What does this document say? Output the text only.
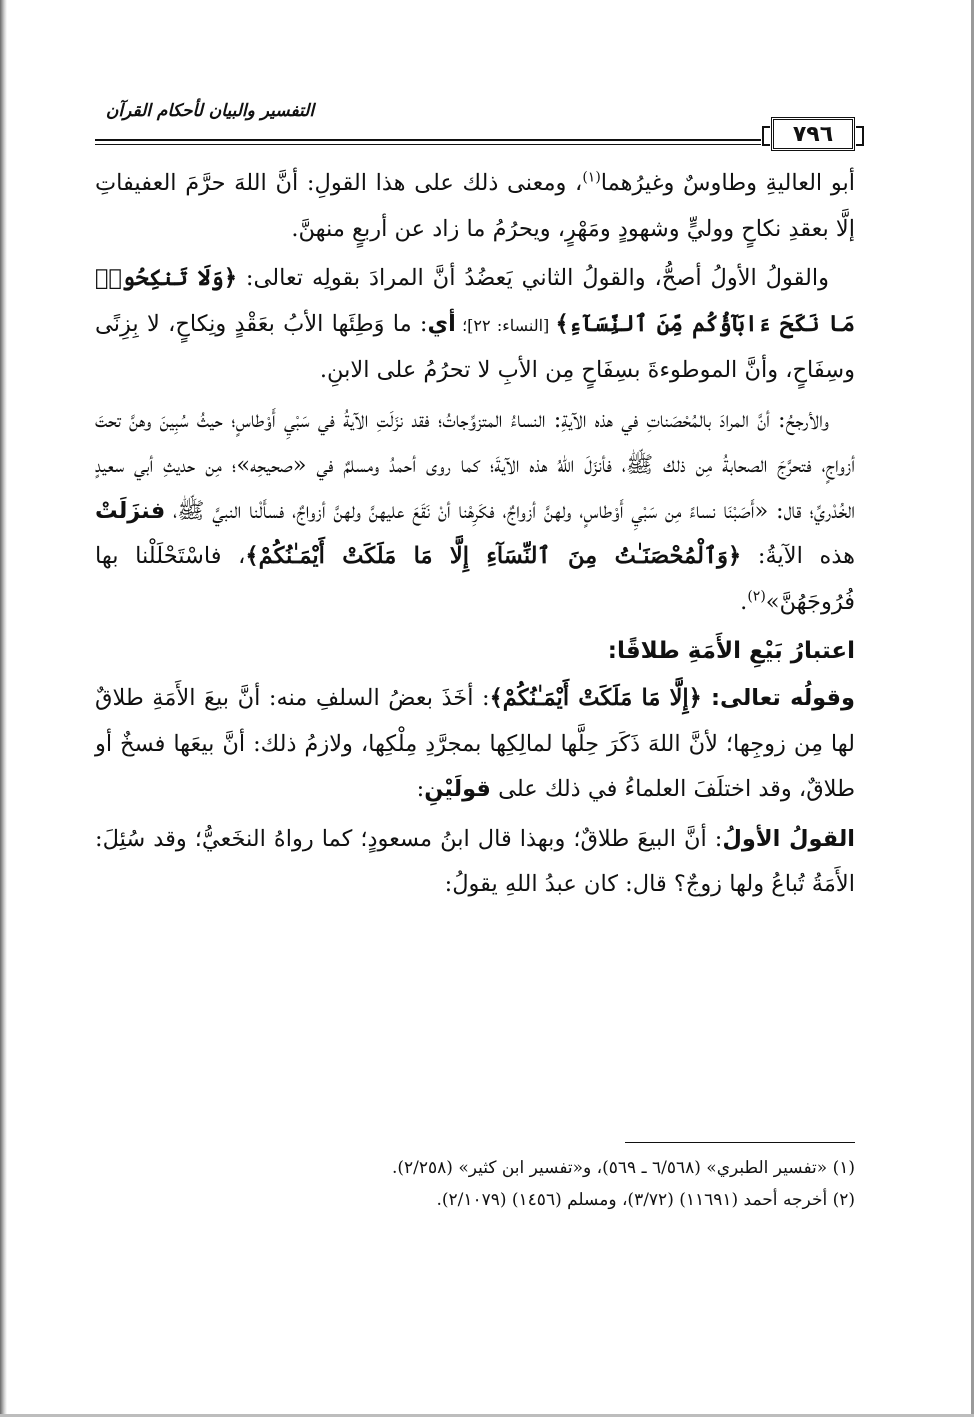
٧٩٦
التفسير والبيان لأحكام القرآن

أبو العاليةِ وطاوسٌ وغيرُهما$^{(١)}$، ومعنى ذلك على هذا القولِ: أنَّ اللهَ حرَّمَ العفيفاتِ إلَّا بعقدِ نكاحٍ ووليٍّ وشهودٍ ومَهْرٍ، ويحرُمُ ما زاد عن أربعٍ منهنَّ.

والقولُ الأولُ أصحُّ، والقولُ الثاني يَعضُدُ أنَّ المرادَ بقولِه تعالى: ﴿وَلَا تَنكِحُوا۟ مَا نَكَحَ ءَابَآؤُكُم مِّنَ ٱلنِّسَآءِ﴾ [النساء: ٢٢]؛ أي: ما وَطِئَها الأبُ بعَقْدٍ ونِكاحٍ، لا بِزِنًى وسِفَاحٍ، وأنَّ الموطوءةَ بسِفَاحٍ مِن الأبِ لا تحرُمُ على الابنِ.

والأرجحُ: أنَّ المرادَ بالمُحْصَناتِ في هذه الآيةِ: النساءُ المتزوِّجاتُ؛ فقد نزَلَتِ الآيةُ في سَبْيِ أَوْطاسٍ؛ حيثُ سُبِينَ وهنَّ تحتَ أزواجٍ، فتحرَّجَ الصحابةُ مِن ذلك ﷺ، فأنزَلَ اللهُ هذه الآيةَ؛ كما روى أحمدُ ومسلمٌ في «صحيحِه»؛ مِن حديثِ أبي سعيدٍ الخُدْريِّ؛ قال: «أَصَبْنَا نساءً مِن سَبْيِ أَوْطاسٍ، ولهنَّ أزواجٌ، فكَرِهْنا أنْ نَقَعَ عليهنَّ ولهنَّ أزواجٌ، فسأَلْنا النبيَّ ﷺ، فنزَلَتْ هذه الآيةُ: ﴿وَٱلْمُحْصَنَـٰتُ مِنَ ٱلنِّسَآءِ إِلَّا مَا مَلَكَتْ أَيْمَـٰنُكُمْ﴾، فاسْتَحْلَلْنا بها فُرُوجَهُنَّ»$^{(٢)}$.

اعتبارُ بَيْعِ الأَمَةِ طلاقًا:

وقولُه تعالى: ﴿إِلَّا مَا مَلَكَتْ أَيْمَـٰنُكُمْ﴾: أخَذَ بعضُ السلفِ منه: أنَّ بيعَ الأَمَةِ طلاقٌ لها مِن زوجِها؛ لأنَّ اللهَ ذَكَرَ حِلَّها لمالِكِها بمجرَّدِ مِلْكِها، ولازمُ ذلك: أنَّ بيعَها فسخٌ أو طلاقٌ، وقد اختلَفَ العلماءُ في ذلك على قولَيْنِ:

القولُ الأولُ: أنَّ البيعَ طلاقٌ؛ وبهذا قال ابنُ مسعودٍ؛ كما رواهُ النخَعيُّ؛ وقد سُئِلَ: الأَمَةُ تُباعُ ولها زوجٌ؟ قال: كان عبدُ اللهِ يقولُ:

(١) «تفسير الطبري» (٦/٥٦٨ ـ ٥٦٩)، و«تفسير ابن كثير» (٢/٢٥٨).
(٢) أخرجه أحمد (١١٦٩١) (٣/٧٢)، ومسلم (١٤٥٦) (٢/١٠٧٩).
